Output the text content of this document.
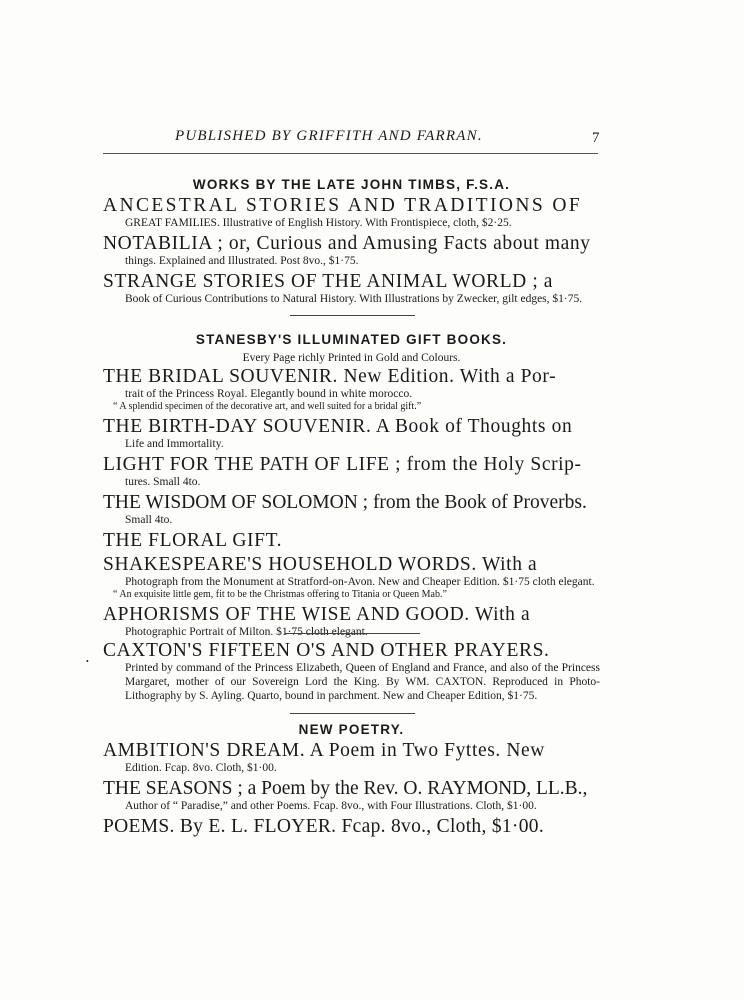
PUBLISHED BY GRIFFITH AND FARRAN.	7

WORKS BY THE LATE JOHN TIMBS, F.S.A.

ANCESTRAL STORIES AND TRADITIONS OF

GREAT FAMILIES. Illustrative of English History. With Frontispiece, cloth, $2·25.

NOTABILIA ; or, Curious and Amusing Facts about many

things. Explained and Illustrated. Post 8vo., $1·75.

STRANGE STORIES OF THE ANIMAL WORLD ; a

Book of Curious Contributions to Natural History. With Illustrations by Zwecker, gilt edges, $1·75.

STANESBY'S ILLUMINATED GIFT BOOKS.

Every Page richly Printed in Gold and Colours.

THE BRIDAL SOUVENIR. New Edition. With a Por-

trait of the Princess Royal. Elegantly bound in white morocco.

“ A splendid specimen of the decorative art, and well suited for a bridal gift.”

THE BIRTH-DAY SOUVENIR. A Book of Thoughts on

Life and Immortality.

LIGHT FOR THE PATH OF LIFE ; from the Holy Scrip-

tures. Small 4to.

THE WISDOM OF SOLOMON ; from the Book of Proverbs.

Small 4to.

THE FLORAL GIFT.

SHAKESPEARE'S HOUSEHOLD WORDS. With a

Photograph from the Monument at Stratford-on-Avon. New and Cheaper Edition. $1·75 cloth elegant.

“ An exquisite little gem, fit to be the Christmas offering to Titania or Queen Mab.”

APHORISMS OF THE WISE AND GOOD. With a

Photographic Portrait of Milton. $1·75 cloth elegant.

•

CAXTON'S FIFTEEN O'S AND OTHER PRAYERS.

Printed by command of the Princess Elizabeth, Queen of England and France, and also of the Princess Margaret, mother of our Sovereign Lord the King. By WM. CAXTON. Reproduced in Photo-Lithography by S. Ayling. Quarto, bound in parchment. New and Cheaper Edition, $1·75.

NEW POETRY.

AMBITION'S DREAM. A Poem in Two Fyttes. New

Edition. Fcap. 8vo. Cloth, $1·00.

THE SEASONS ; a Poem by the Rev. O. RAYMOND, LL.B.,

Author of “ Paradise,” and other Poems. Fcap. 8vo., with Four Illustrations. Cloth, $1·00.

POEMS. By E. L. FLOYER. Fcap. 8vo., Cloth, $1·00.
